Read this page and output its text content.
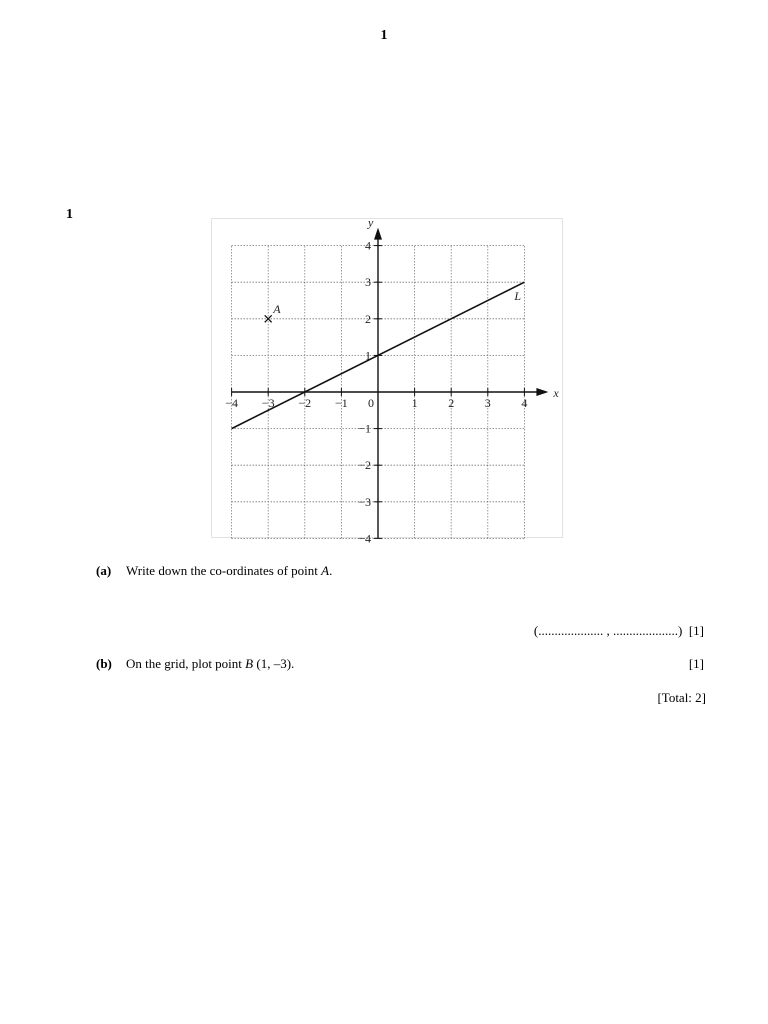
1
1
−4 −3 −2 −1 0	1	2	3	4
−4
−3
−2
−1
1
2
3
4
x
y
L
A
(a) Write down the co-ordinates of point A.
(.................... , ....................) [1]
(b) On the grid, plot point B (1, –3).	[1]
[Total: 2]
